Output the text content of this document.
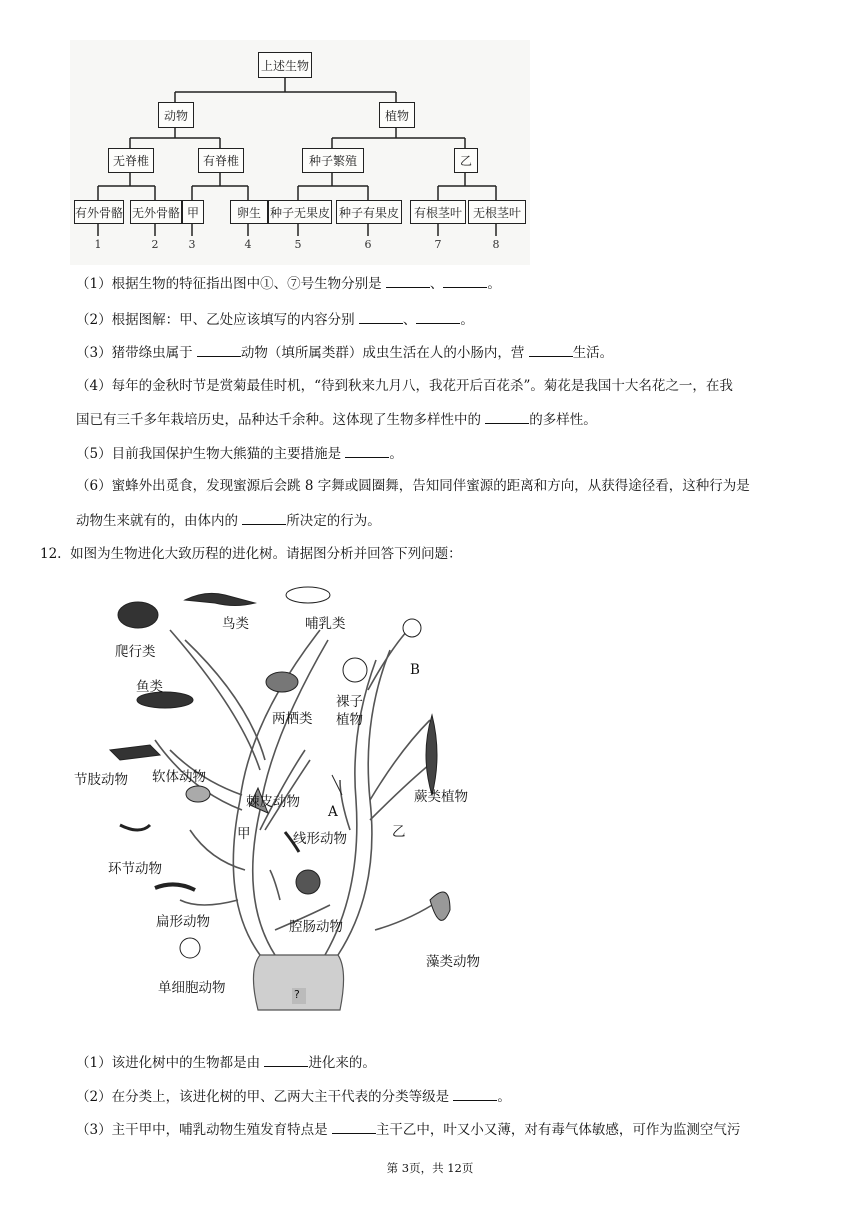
上述生物
动物	植物
无脊椎	有脊椎	种子繁殖	乙
有外骨骼 无外骨骼 甲	卵生 种子无果皮 种子有果皮	有根茎叶 无根茎叶
1	2	3	4	5	6	7	8
（1）根据生物的特征指出图中①、⑦号生物分别是	、	。
（2）根据图解：甲、乙处应该填写的内容分别	、	。
（3）猪带绦虫属于	动物（填所属类群）成虫生活在人的小肠内，营	生活。
（4）每年的金秋时节是赏菊最佳时机，“待到秋来九月八，我花开后百花杀”。菊花是我国十大名花之一，在我
国已有三千多年栽培历史，品种达千余种。这体现了生物多样性中的	的多样性。
（5）目前我国保护生物大熊猫的主要措施是	。
（6）蜜蜂外出觅食，发现蜜源后会跳 8 字舞或圆圈舞，告知同伴蜜源的距离和方向，从获得途径看，这种行为是
动物生来就有的，由体内的	所决定的行为。
12. 如图为生物进化大致历程的进化树。请据图分析并回答下列问题：
爬行类
鸟类	哺乳类
鱼类
两栖类
裸子
植物
节肢动物 软体动物
棘皮动物
甲	线形动物
环节动物
扁形动物	腔肠动物
单细胞动物
蕨类植物
藻类动物
乙
A
B
?
（1）该进化树中的生物都是由	进化来的。
（2）在分类上，该进化树的甲、乙两大主干代表的分类等级是	。
（3）主干甲中，哺乳动物生殖发育特点是	主干乙中，叶又小又薄，对有毒气体敏感，可作为监测空气污
第 3页，共 12页
